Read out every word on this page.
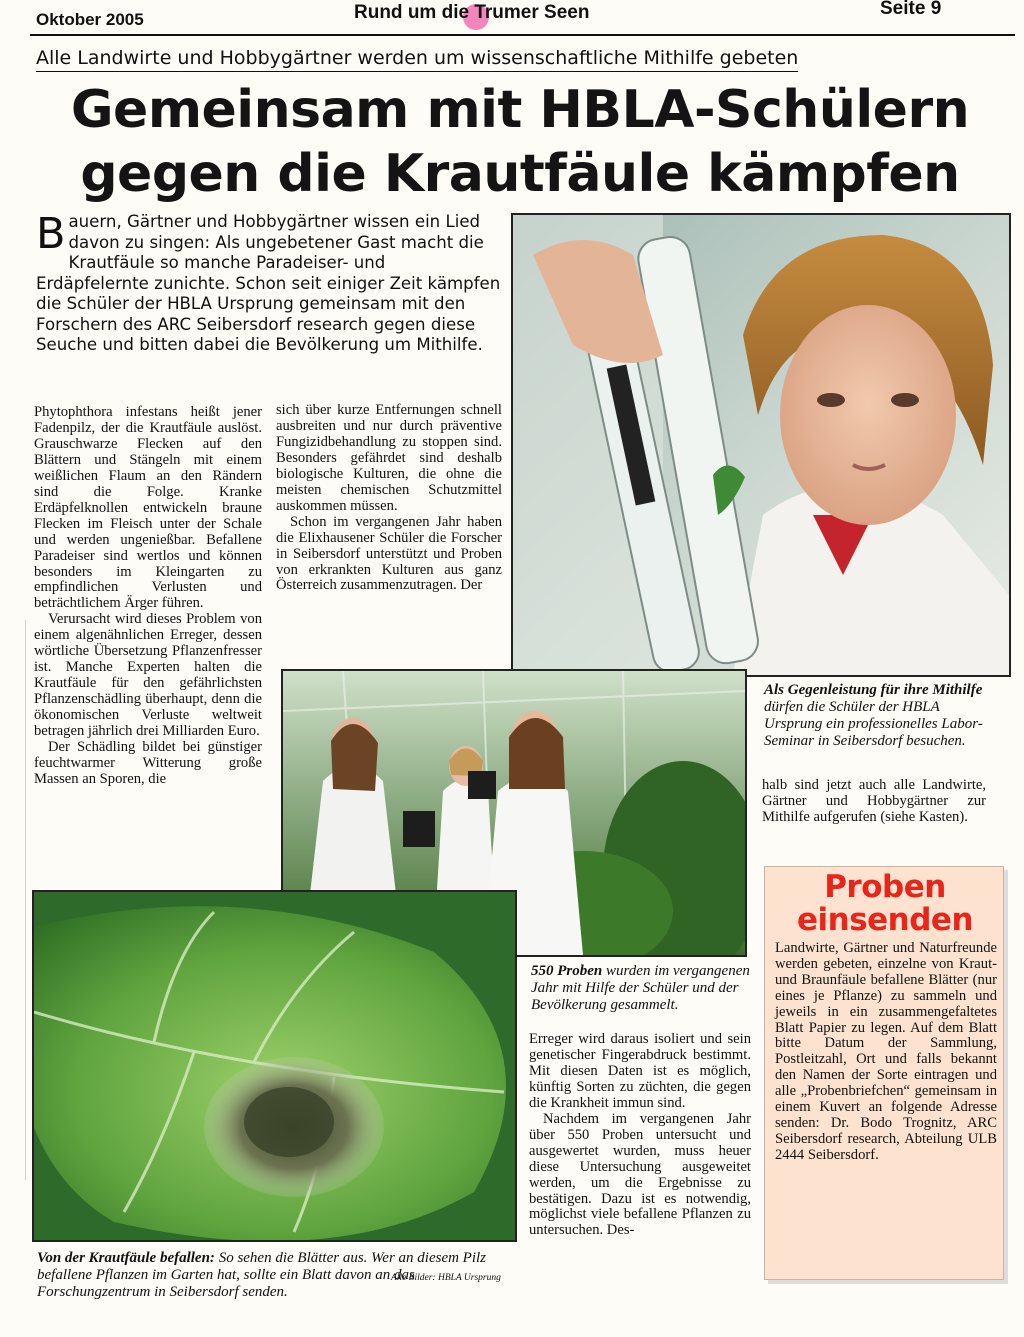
Oktober 2005	Rund um die Trumer Seen	Seite 9
Alle Landwirte und Hobbygärtner werden um wissenschaftliche Mithilfe gebeten
Gemeinsam mit HBLA-Schülern
gegen die Krautfäule kämpfen
Bauern, Gärtner und Hobbygärtner wissen ein Lied davon zu singen: Als ungebetener Gast macht die Krautfäule so manche Paradeiser- und Erdäpfelernte zunichte. Schon seit einiger Zeit kämpfen die Schüler der HBLA Ursprung gemeinsam mit den Forschern des ARC Seibersdorf research gegen diese Seuche und bitten dabei die Bevölkerung um Mithilfe.

Phytophthora infestans heißt jener Fadenpilz, der die Krautfäule auslöst. Grauschwarze Flecken auf den Blättern und Stängeln mit einem weißlichen Flaum an den Rändern sind die Folge. Kranke Erdäpfelknollen entwickeln braune Flecken im Fleisch unter der Schale und werden ungenießbar. Befallene Paradeiser sind wertlos und können besonders im Kleingarten zu empfindlichen Verlusten und beträchtlichem Ärger führen.

Verursacht wird dieses Problem von einem algenähnlichen Erreger, dessen wörtliche Übersetzung Pflanzenfresser ist. Manche Experten halten die Krautfäule für den gefährlichsten Pflanzenschädling überhaupt, denn die ökonomischen Verluste weltweit betragen jährlich drei Milliarden Euro.

Der Schädling bildet bei günstiger feuchtwarmer Witterung große Massen an Sporen, die

sich über kurze Entfernungen schnell ausbreiten und nur durch präventive Fungizidbehandlung zu stoppen sind. Besonders gefährdet sind deshalb biologische Kulturen, die ohne die meisten chemischen Schutzmittel auskommen müssen.

Schon im vergangenen Jahr haben die Elixhausener Schüler die Forscher in Seibersdorf unterstützt und Proben von erkrankten Kulturen aus ganz Österreich zusammenzutragen. Der

Erreger wird daraus isoliert und sein genetischer Fingerabdruck bestimmt. Mit diesen Daten ist es möglich, künftig Sorten zu züchten, die gegen die Krankheit immun sind.

Nachdem im vergangenen Jahr über 550 Proben untersucht und ausgewertet wurden, muss heuer diese Untersuchung ausgeweitet werden, um die Ergebnisse zu bestätigen. Dazu ist es notwendig, möglichst viele befallene Pflanzen zu untersuchen. Des-

halb sind jetzt auch alle Landwirte, Gärtner und Hobbygärtner zur Mithilfe aufgerufen (siehe Kasten).

Als Gegenleistung für ihre Mithilfe dürfen die Schüler der HBLA Ursprung ein professionelles Labor-Seminar in Seibersdorf besuchen.
550 Proben wurden im vergangenen Jahr mit Hilfe der Schüler und der Bevölkerung gesammelt.
Von der Krautfäule befallen: So sehen die Blätter aus. Wer an diesem Pilz befallene Pflanzen im Garten hat, sollte ein Blatt davon an das Forschungzentrum in Seibersdorf senden.
Alle Bilder: HBLA Ursprung
Proben
einsenden
Landwirte, Gärtner und Naturfreunde werden gebeten, einzelne von Kraut- und Braunfäule befallene Blätter (nur eines je Pflanze) zu sammeln und jeweils in ein zusammengefaltetes Blatt Papier zu legen. Auf dem Blatt bitte Datum der Sammlung, Postleitzahl, Ort und falls bekannt den Namen der Sorte eintragen und alle „Probenbriefchen“ gemeinsam in einem Kuvert an folgende Adresse senden: Dr. Bodo Trognitz, ARC Seibersdorf research, Abteilung ULB 2444 Seibersdorf.
